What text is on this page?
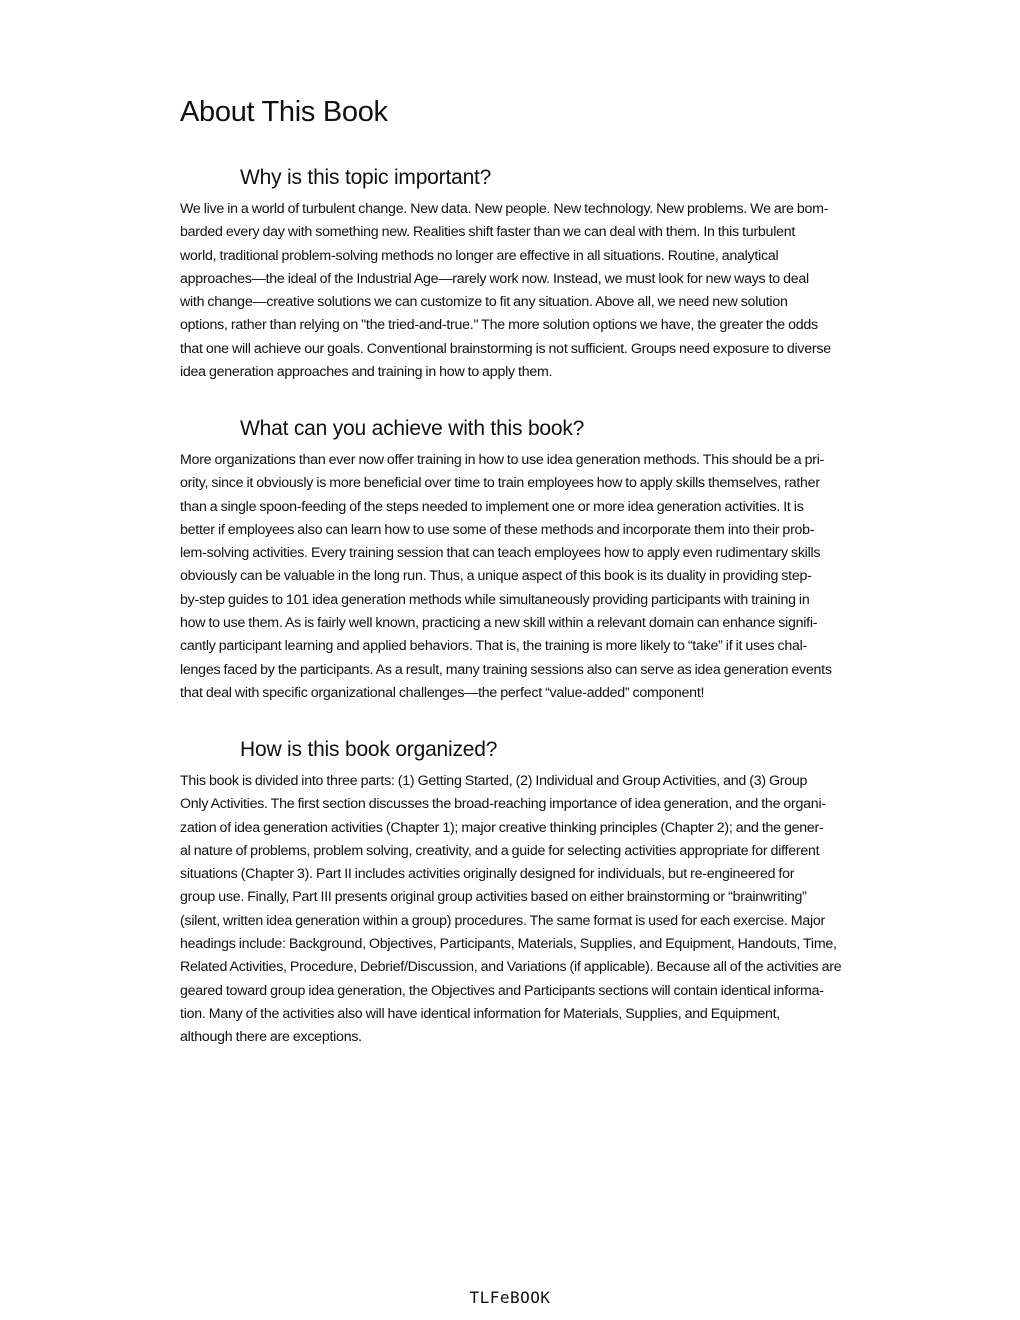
About This Book
Why is this topic important?

We live in a world of turbulent change. New data. New people. New technology. New problems. We are bom-
barded every day with something new. Realities shift faster than we can deal with them. In this turbulent
world, traditional problem-solving methods no longer are effective in all situations. Routine, analytical
approaches—the ideal of the Industrial Age—rarely work now. Instead, we must look for new ways to deal
with change—creative solutions we can customize to fit any situation. Above all, we need new solution
options, rather than relying on "the tried-and-true." The more solution options we have, the greater the odds
that one will achieve our goals. Conventional brainstorming is not sufficient. Groups need exposure to diverse
idea generation approaches and training in how to apply them.

What can you achieve with this book?

More organizations than ever now offer training in how to use idea generation methods. This should be a pri-
ority, since it obviously is more beneficial over time to train employees how to apply skills themselves, rather
than a single spoon-feeding of the steps needed to implement one or more idea generation activities. It is
better if employees also can learn how to use some of these methods and incorporate them into their prob-
lem-solving activities. Every training session that can teach employees how to apply even rudimentary skills
obviously can be valuable in the long run. Thus, a unique aspect of this book is its duality in providing step-
by-step guides to 101 idea generation methods while simultaneously providing participants with training in
how to use them. As is fairly well known, practicing a new skill within a relevant domain can enhance signifi-
cantly participant learning and applied behaviors. That is, the training is more likely to “take” if it uses chal-
lenges faced by the participants. As a result, many training sessions also can serve as idea generation events
that deal with specific organizational challenges—the perfect “value-added” component!

How is this book organized?

This book is divided into three parts: (1) Getting Started, (2) Individual and Group Activities, and (3) Group
Only Activities. The first section discusses the broad-reaching importance of idea generation, and the organi-
zation of idea generation activities (Chapter 1); major creative thinking principles (Chapter 2); and the gener-
al nature of problems, problem solving, creativity, and a guide for selecting activities appropriate for different
situations (Chapter 3). Part II includes activities originally designed for individuals, but re-engineered for
group use. Finally, Part III presents original group activities based on either brainstorming or “brainwriting”
(silent, written idea generation within a group) procedures. The same format is used for each exercise. Major
headings include: Background, Objectives, Participants, Materials, Supplies, and Equipment, Handouts, Time,
Related Activities, Procedure, Debrief/Discussion, and Variations (if applicable). Because all of the activities are
geared toward group idea generation, the Objectives and Participants sections will contain identical informa-
tion. Many of the activities also will have identical information for Materials, Supplies, and Equipment,
although there are exceptions.

TLFeBOOK
